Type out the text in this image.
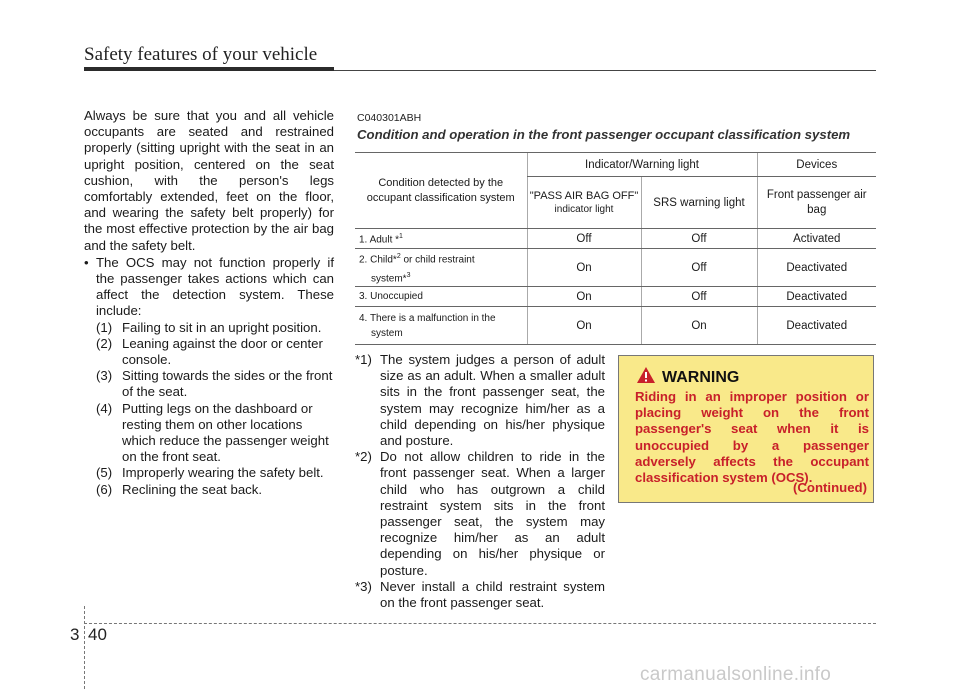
Safety features of your vehicle

Always be sure that you and all vehicle occupants are seated and restrained properly (sitting upright with the seat in an upright position, centered on the seat cushion, with the person's legs comfortably extended, feet on the floor, and wearing the safety belt properly) for the most effective protection by the air bag and the safety belt.

• The OCS may not function properly if the passenger takes actions which can affect the detection system. These include:
(1) Failing to sit in an upright position.
(2) Leaning against the door or center console.
(3) Sitting towards the sides or the front of the seat.
(4) Putting legs on the dashboard or resting them on other locations which reduce the passenger weight on the front seat.
(5) Improperly wearing the safety belt.
(6) Reclining the seat back.
C040301ABH
Condition and operation in the front passenger occupant classification system
Condition detected by the occupant classification system	Indicator/Warning light		Devices

	"PASS AIR BAG OFF"
indicator light	SRS warning light	Front passenger air bag
1. Adult *$^1$	Off	Off	Activated

2. Child*$^2$ or child restraint
system*$^3$	On	Off	Deactivated
3. Unoccupied	On	Off	Deactivated

4. There is a malfunction in the
system	On	On	Deactivated
*1) The system judges a person of adult size as an adult. When a smaller adult sits in the front passenger seat, the system may recognize him/her as a child depending on his/her physique and posture.
*2) Do not allow children to ride in the front passenger seat. When a larger child who has outgrown a child restraint system sits in the front passenger seat, the system may recognize him/her as an adult depending on his/her physique or posture.
*3) Never install a child restraint system on the front passenger seat.
WARNING
Riding in an improper position or placing weight on the front passenger's seat when it is unoccupied by a passenger adversely affects the occupant classification system (OCS).
(Continued)
3 40
carmanualsonline.info
